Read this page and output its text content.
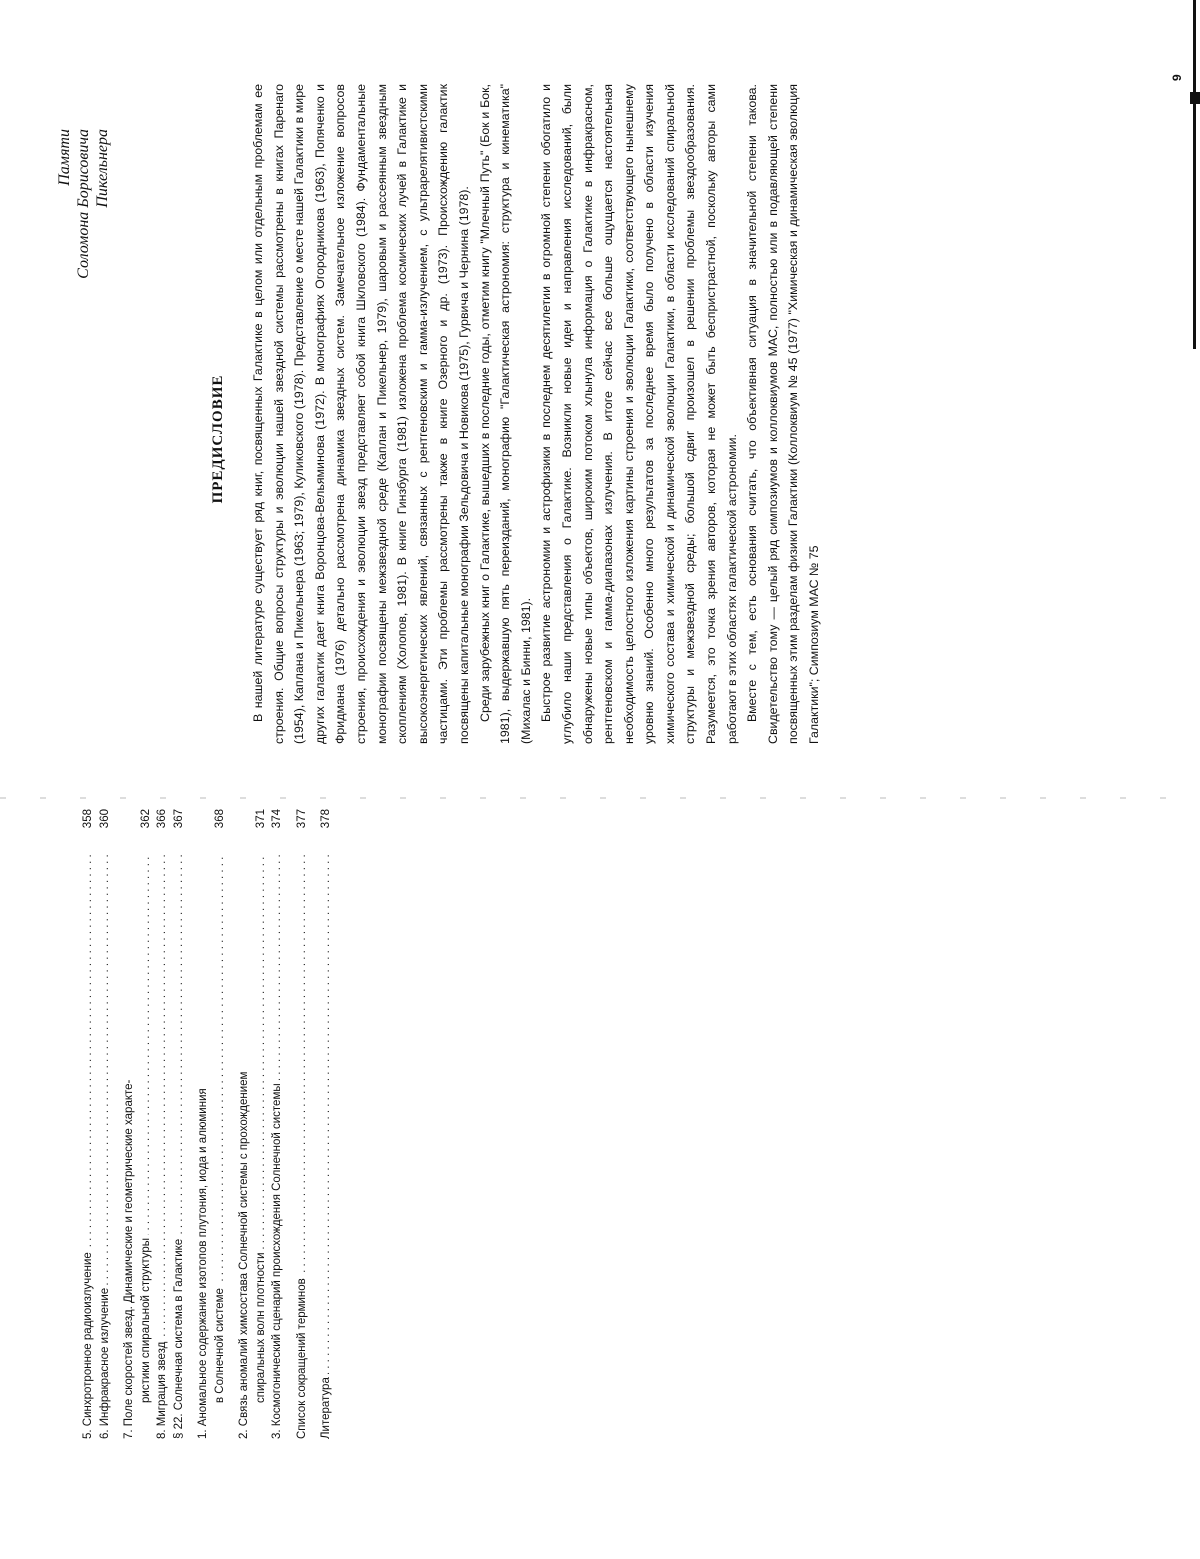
5. Синхротронное радиоизлучение . . .
358
6. Инфракрасное излучение . . .
360
7. Поле скоростей звезд. Динамические и геометрические характе- ристики спиральной структуры . . .
362
8. Миграция звезд . . .
366
§ 22. Солнечная система в Галактике . . .
367
1. Аномальное содержание изотопов плутония, иода и алюминия в Солнечной системе . . .
368
2. Связь аномалий химсостава Солнечной системы с прохождением спиральных волн плотности . . .
371
3. Космогонический сценарий происхождения Солнечной системы . . .
374
Список сокращений терминов . . .
377
Литература . . .
378
Памяти Соломона Борисовича Пикельнера
ПРЕДИСЛОВИЕ В нашей литературе существует ряд книг, посвященных Галактике в целом или отдельным проблемам ее строения. Общие вопросы структуры и эволюции нашей звездной системы рассмотрены в книгах Паренаго (1954), Каплана и Пикельнера (1963; 1979), Куликовского (1978). Представление о месте нашей Галактики в мире других галактик дает книга Воронцова-Вельяминова (1972). В монографиях Огородникова (1963), Попяченко и Фридмана (1976) детально рассмотрена динамика звездных систем. Замечательное изложение вопросов строения, происхождения и эволюции звезд представляет собой книга Шкловского (1984). Фундаментальные монографии посвящены межзвездной среде (Каплан и Пикельнер, 1979), шаровым и рассеянным звездным скоплениям (Холопов, 1981). В книге Гинзбурга (1981) изложена проблема космических лучей в Галактике и высокоэнергетических явлений, связанных с рентгеновским и гамма-излучением, с ультрарелятивистскими частицами. Эти проблемы рассмотрены также в книге Озерного и др. (1973). Происхождению галактик посвящены капитальные монографии Зельдовича и Новикова (1975), Гурвича и Чернина (1978). Среди зарубежных книг о Галактике, вышедших в последние годы, отметим книгу "Млечный Путь" (Бок и Бок, 1981), выдержавшую пять переизданий, монографию "Галактическая астрономия: структура и кинематика" (Михалас и Бинни, 1981). Быстрое развитие астрономии и астрофизики в последнем десятилетии в огромной степени обогатило и углубило наши представления о Галактике. Возникли новые идеи и направления исследований, были обнаружены новые типы объектов, широким потоком хлынула информация о Галактике в инфракрасном, рентгеновском и гамма-диапазонах излучения. В итоге сейчас все больше ощущается настоятельная необходимость целостного изложения картины строения и эволюции Галактики, соответствующего нынешнему уровню знаний. Особенно много результатов за последнее время было получено в области изучения химического состава и химической и динамической эволюции Галактики, в области исследований спиральной структуры и межзвездной среды; большой сдвиг произошел в решении проблемы звездообразования. Разумеется, это точка зрения авторов, которая не может быть беспристрастной, поскольку авторы сами работают в этих областях галактической астрономии. Вместе с тем, есть основания считать, что объективная ситуация в значительной степени такова. Свидетельство тому — целый ряд симпозиумов и коллоквиумов МАС, полностью или в подавляющей степени посвященных этим разделам физики Галактики (Коллоквиум № 45 (1977) "Химическая и динамическая эволюция Галактики"; Симпозиум МАС № 75

9
